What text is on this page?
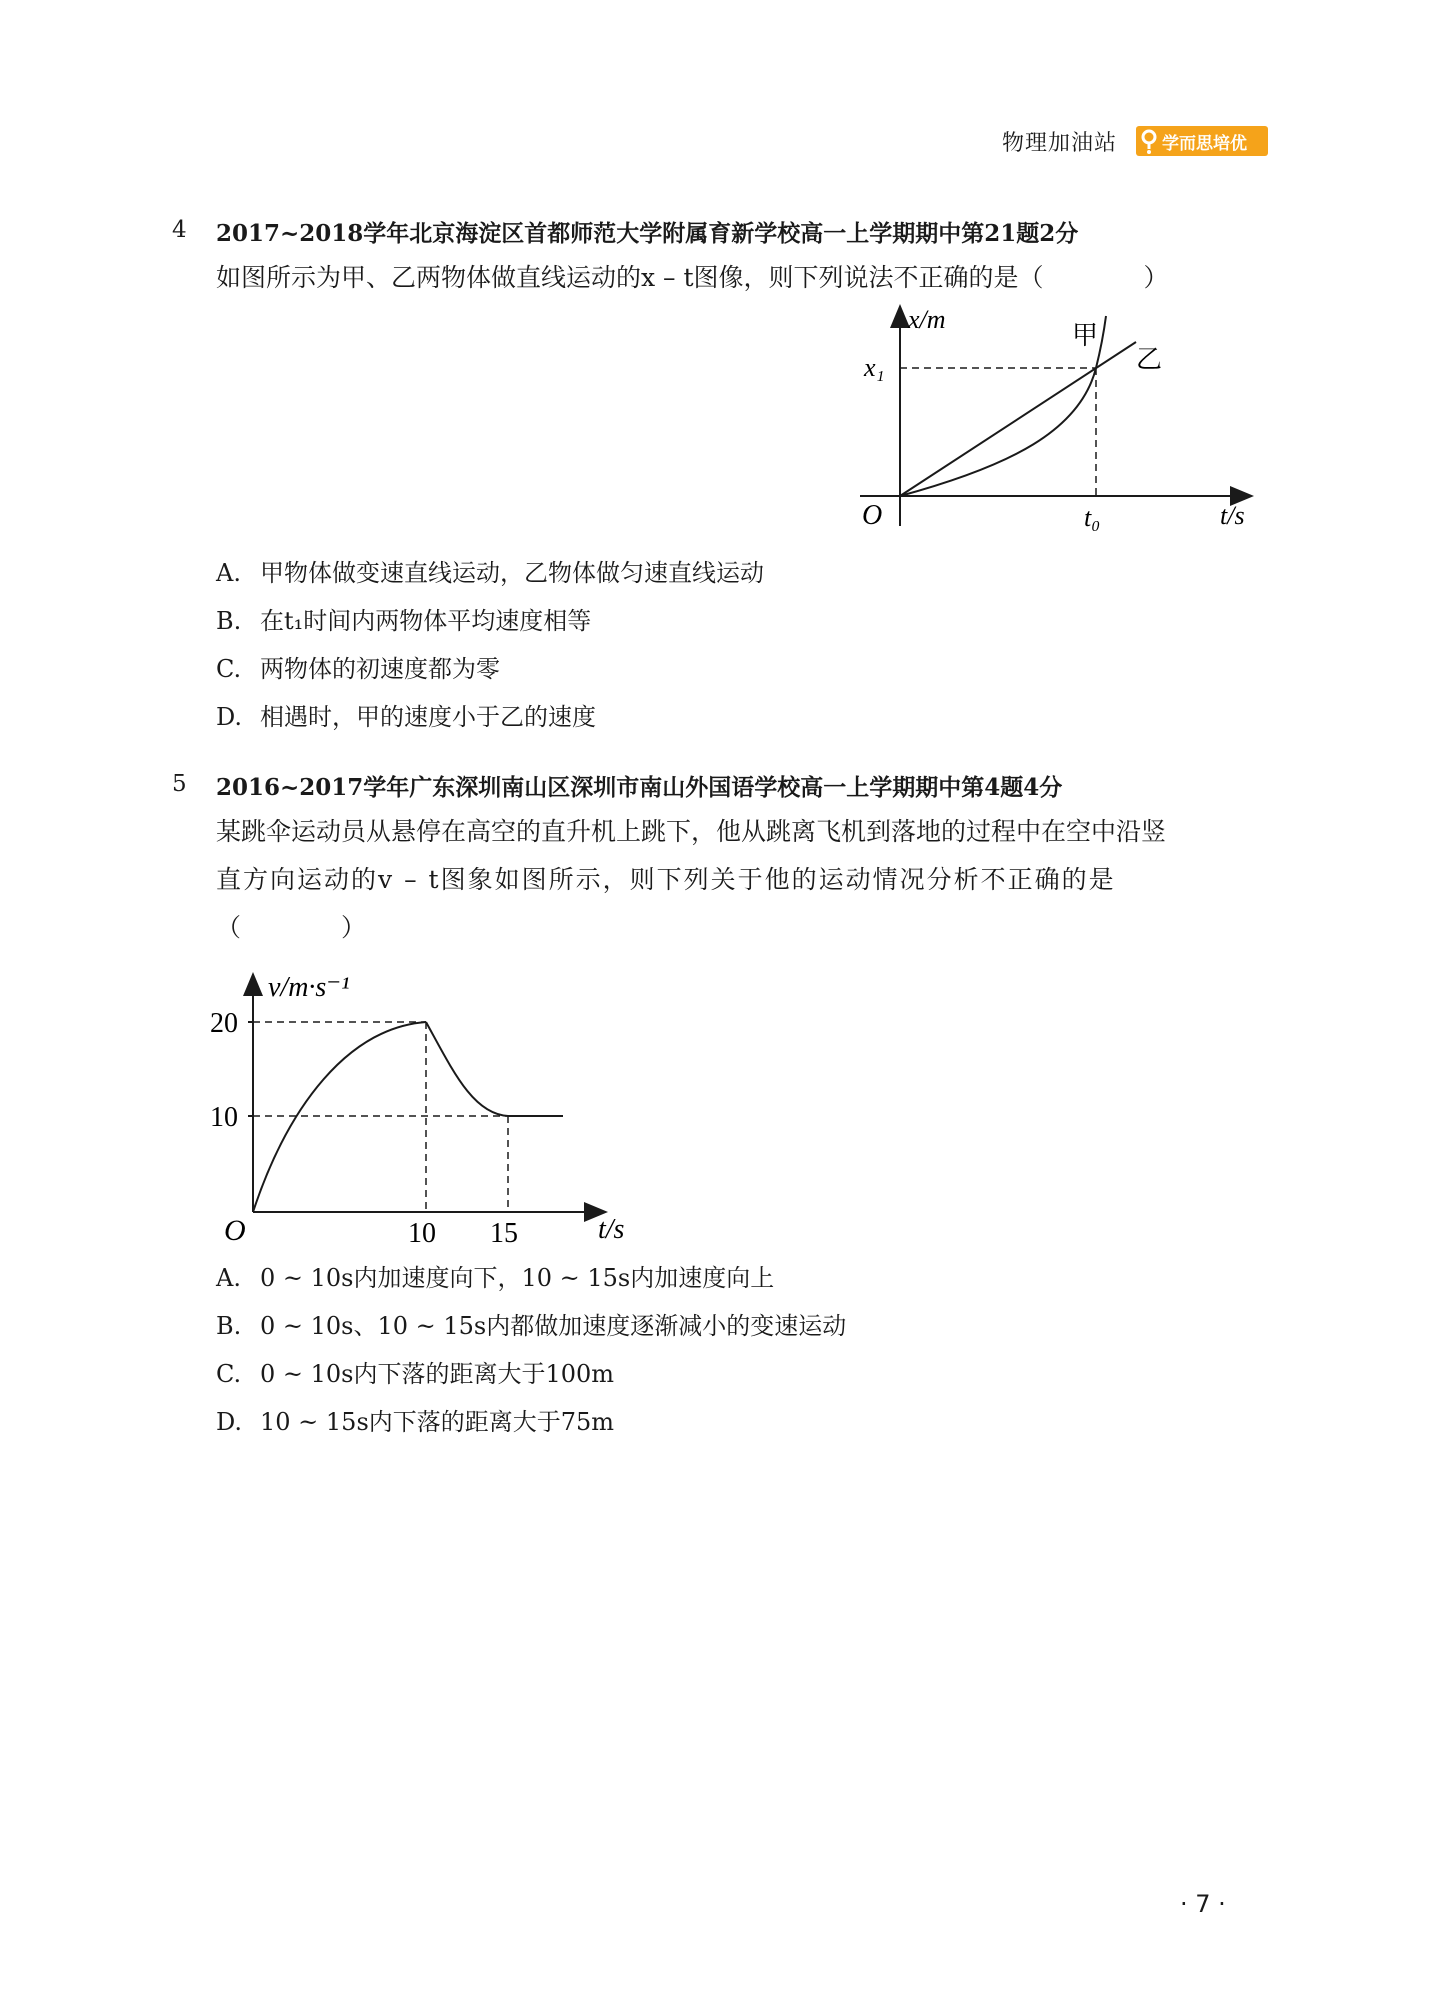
物理加油站	学而思培优
4 2017~2018学年北京海淀区首都师范大学附属育新学校高一上学期期中第21题2分
如图所示为甲、乙两物体做直线运动的x – t图像，则下列说法不正确的是（　　　　）
x/m
x₁
O	t₀	t/s
甲
乙
A. 甲物体做变速直线运动，乙物体做匀速直线运动
B. 在t₁时间内两物体平均速度相等
C. 两物体的初速度都为零
D. 相遇时，甲的速度小于乙的速度
5 2016~2017学年广东深圳南山区深圳市南山外国语学校高一上学期期中第4题4分
某跳伞运动员从悬停在高空的直升机上跳下，他从跳离飞机到落地的过程中在空中沿竖
直方向运动的v – t图象如图所示，则下列关于他的运动情况分析不正确的是
（　　　　）
v/m·s⁻¹
20
10
O	10 15	t/s
A. 0 ~ 10s内加速度向下，10 ~ 15s内加速度向上
B. 0 ~ 10s、10 ~ 15s内都做加速度逐渐减小的变速运动
C. 0 ~ 10s内下落的距离大于100m
D. 10 ~ 15s内下落的距离大于75m
· 7 ·
